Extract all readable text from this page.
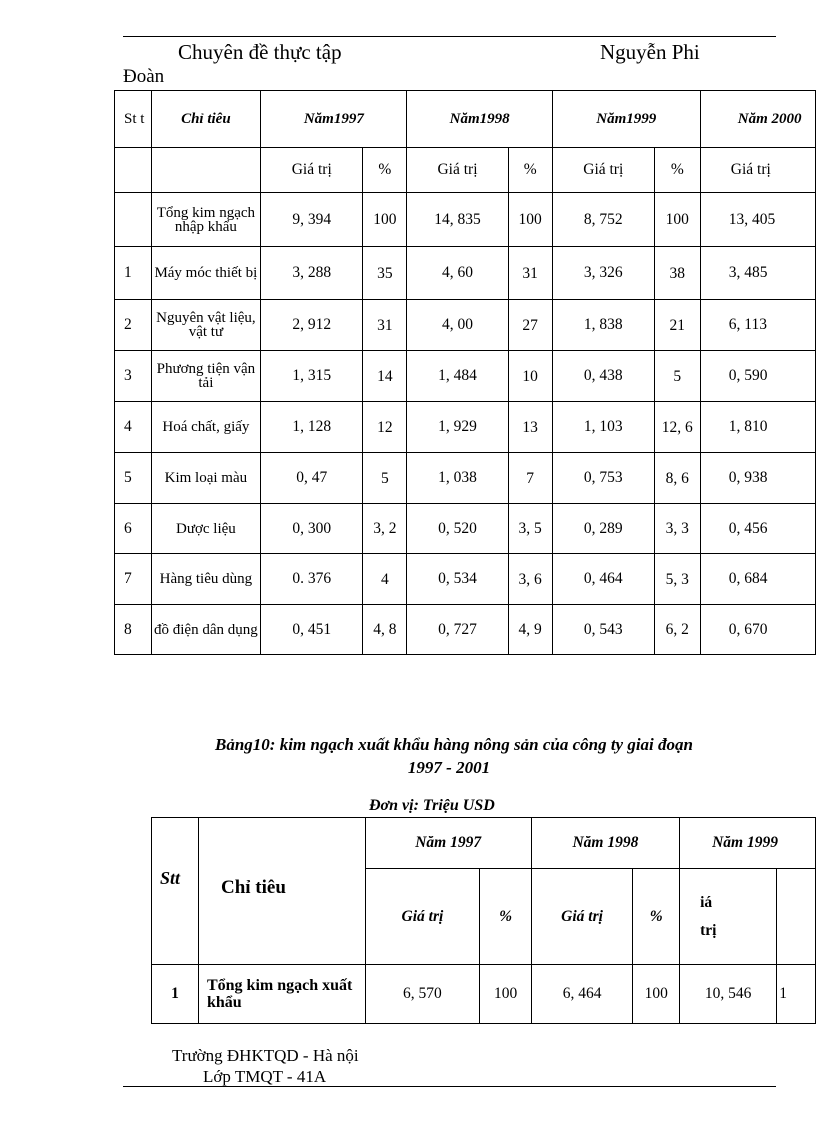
Chuyên đề thực tập	Nguyễn Phi
Đoàn
St t	Chỉ tiêu	Năm1997		Năm1998		Năm1999		Năm 2000
		Giá trị	%	Giá trị	%	Giá trị	%	Giá trị
	Tổng kim ngạch nhập khẩu	9, 394	100	14, 835	100	8, 752	100	13, 405
1	Máy móc thiết bị	3, 288	35	4, 60	31	3, 326	38	3, 485
2	Nguyên vật liệu, vật tư	2, 912	31	4, 00	27	1, 838	21	6, 113
3	Phương tiện vận tải	1, 315	14	1, 484	10	0, 438	5	0, 590
4	Hoá chất, giấy	1, 128	12	1, 929	13	1, 103	12, 6	1, 810
5	Kim loại màu	0, 47	5	1, 038	7	0, 753	8, 6	0, 938
6	Dược liệu	0, 300	3, 2	0, 520	3, 5	0, 289	3, 3	0, 456
7	Hàng tiêu dùng	0. 376	4	0, 534	3, 6	0, 464	5, 3	0, 684
8	đồ điện dân dụng	0, 451	4, 8	0, 727	4, 9	0, 543	6, 2	0, 670
Bảng10: kim ngạch xuất khẩu hàng nông sản của công ty giai đoạn
1997 - 2001
Đơn vị: Triệu USD
Stt	Chỉ tiêu	Năm 1997		Năm 1998		Năm 1999	
		Giá trị	%	Giá trị	%	iá trị	
1	Tổng kim ngạch xuất khẩu	6, 570	100	6, 464	100	10, 546	1
Trường ĐHKTQD - Hà nội
Lớp TMQT - 41A
